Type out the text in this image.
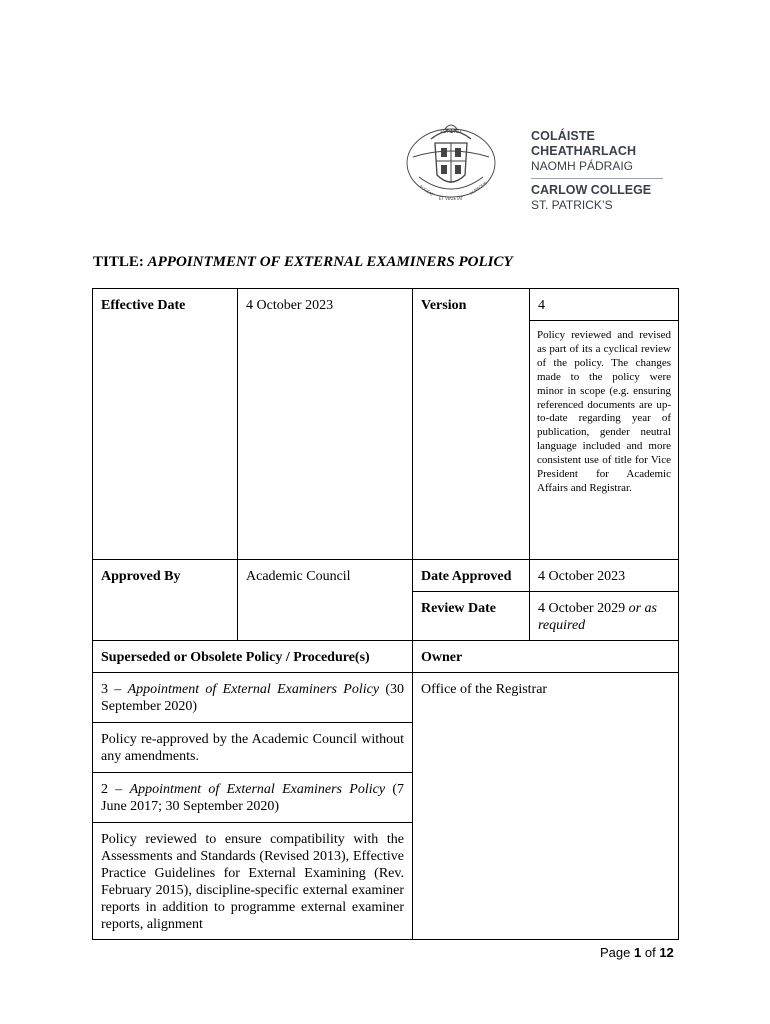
EST 1793
AUGEAT
ET VEGETAT
ALMAQUE
COLÁISTE CHEATHARLACH
NAOMH PÁDRAIG
CARLOW COLLEGE
ST. PATRICK’S
TITLE: APPOINTMENT OF EXTERNAL EXAMINERS POLICY
Effective Date	4 October 2023	Version	4
			Policy reviewed and revised as part of its a cyclical review of the policy. The changes made to the policy were minor in scope (e.g. ensuring referenced documents are up-to-date regarding year of publication, gender neutral language included and more consistent use of title for Vice President for Academic Affairs and Registrar.
Approved By	Academic Council	Date Approved	4 October 2023
		Review Date	4 October 2029 or as required
Superseded or Obsolete Policy / Procedure(s)		Owner	
3 – Appointment of External Examiners Policy (30 September 2020)		Office of the Registrar	
Policy re-approved by the Academic Council without any amendments.			
2 – Appointment of External Examiners Policy (7 June 2017; 30 September 2020)			
Policy reviewed to ensure compatibility with the Assessments and Standards (Revised 2013), Effective Practice Guidelines for External Examining (Rev. February 2015), discipline-specific external examiner reports in addition to programme external examiner reports, alignment			
Page 1 of 12
